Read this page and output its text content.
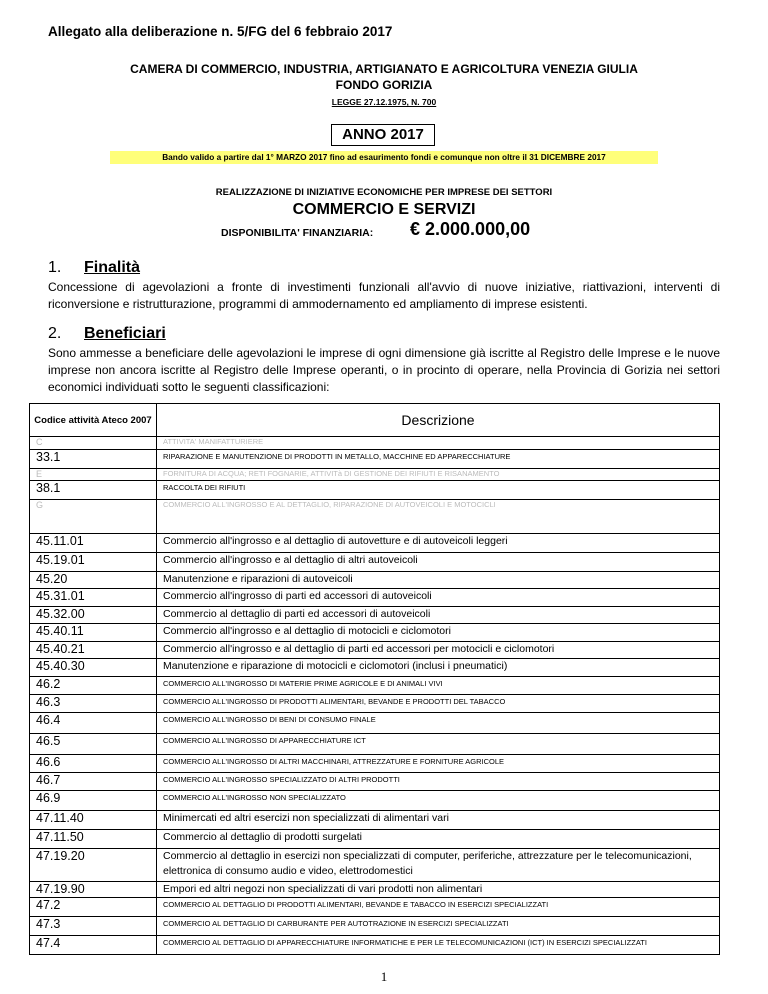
Allegato alla deliberazione n. 5/FG del 6 febbraio 2017
CAMERA DI COMMERCIO, INDUSTRIA, ARTIGIANATO E AGRICOLTURA VENEZIA GIULIA
FONDO GORIZIA
LEGGE 27.12.1975, N. 700
ANNO 2017
Bando valido a partire dal 1° MARZO 2017 fino ad esaurimento fondi e comunque non oltre il 31 DICEMBRE 2017
REALIZZAZIONE DI INIZIATIVE ECONOMICHE PER IMPRESE DEI SETTORI
COMMERCIO E SERVIZI
DISPONIBILITA' FINANZIARIA: € 2.000.000,00
1. Finalità
Concessione di agevolazioni a fronte di investimenti funzionali all'avvio di nuove iniziative, riattivazioni, interventi di riconversione e ristrutturazione, programmi di ammodernamento ed ampliamento di imprese esistenti.
2. Beneficiari
Sono ammesse a beneficiare delle agevolazioni le imprese di ogni dimensione già iscritte al Registro delle Imprese e le nuove imprese non ancora iscritte al Registro delle Imprese operanti, o in procinto di operare, nella Provincia di Gorizia nei settori economici individuati sotto le seguenti classificazioni:
Codice attività Ateco 2007	Descrizione
C	ATTIVITA' MANIFATTURIERE
33.1	RIPARAZIONE E MANUTENZIONE DI PRODOTTI IN METALLO, MACCHINE ED APPARECCHIATURE
E	FORNITURA DI ACQUA; RETI FOGNARIE, ATTIVITà DI GESTIONE DEI RIFIUTI E RISANAMENTO
38.1	RACCOLTA DEI RIFIUTI
G	COMMERCIO ALL'INGROSSO E AL DETTAGLIO, RIPARAZIONE DI AUTOVEICOLI E MOTOCICLI
45.11.01	Commercio all'ingrosso e al dettaglio di autovetture e di autoveicoli leggeri
45.19.01	Commercio all'ingrosso e al dettaglio di altri autoveicoli
45.20	Manutenzione e riparazioni di autoveicoli
45.31.01	Commercio all'ingrosso di parti ed accessori di autoveicoli
45.32.00	Commercio al dettaglio di parti ed accessori di autoveicoli
45.40.11	Commercio all'ingrosso e al dettaglio di motocicli e ciclomotori
45.40.21	Commercio all'ingrosso e al dettaglio di parti ed accessori per motocicli e ciclomotori
45.40.30	Manutenzione e riparazione di motocicli e ciclomotori (inclusi i pneumatici)
46.2	COMMERCIO ALL'INGROSSO DI MATERIE PRIME AGRICOLE E DI ANIMALI VIVI
46.3	COMMERCIO ALL'INGROSSO DI PRODOTTI ALIMENTARI, BEVANDE E PRODOTTI DEL TABACCO
46.4	COMMERCIO ALL'INGROSSO DI BENI DI CONSUMO FINALE
46.5	COMMERCIO ALL'INGROSSO DI APPARECCHIATURE ICT
46.6	COMMERCIO ALL'INGROSSO DI ALTRI MACCHINARI, ATTREZZATURE E FORNITURE AGRICOLE
46.7	COMMERCIO ALL'INGROSSO SPECIALIZZATO DI ALTRI PRODOTTI
46.9	COMMERCIO ALL'INGROSSO NON SPECIALIZZATO
47.11.40	Minimercati ed altri esercizi non specializzati di alimentari vari
47.11.50	Commercio al dettaglio di prodotti surgelati
47.19.20	Commercio al dettaglio in esercizi non specializzati di computer, periferiche, attrezzature per le telecomunicazioni, elettronica di consumo audio e video, elettrodomestici
47.19.90	Empori ed altri negozi non specializzati di vari prodotti non alimentari
47.2	COMMERCIO AL DETTAGLIO DI PRODOTTI ALIMENTARI, BEVANDE E TABACCO IN ESERCIZI SPECIALIZZATI
47.3	COMMERCIO AL DETTAGLIO DI CARBURANTE PER AUTOTRAZIONE IN ESERCIZI SPECIALIZZATI
47.4	COMMERCIO AL DETTAGLIO DI APPARECCHIATURE INFORMATICHE E PER LE TELECOMUNICAZIONI (ICT) IN ESERCIZI SPECIALIZZATI
1
